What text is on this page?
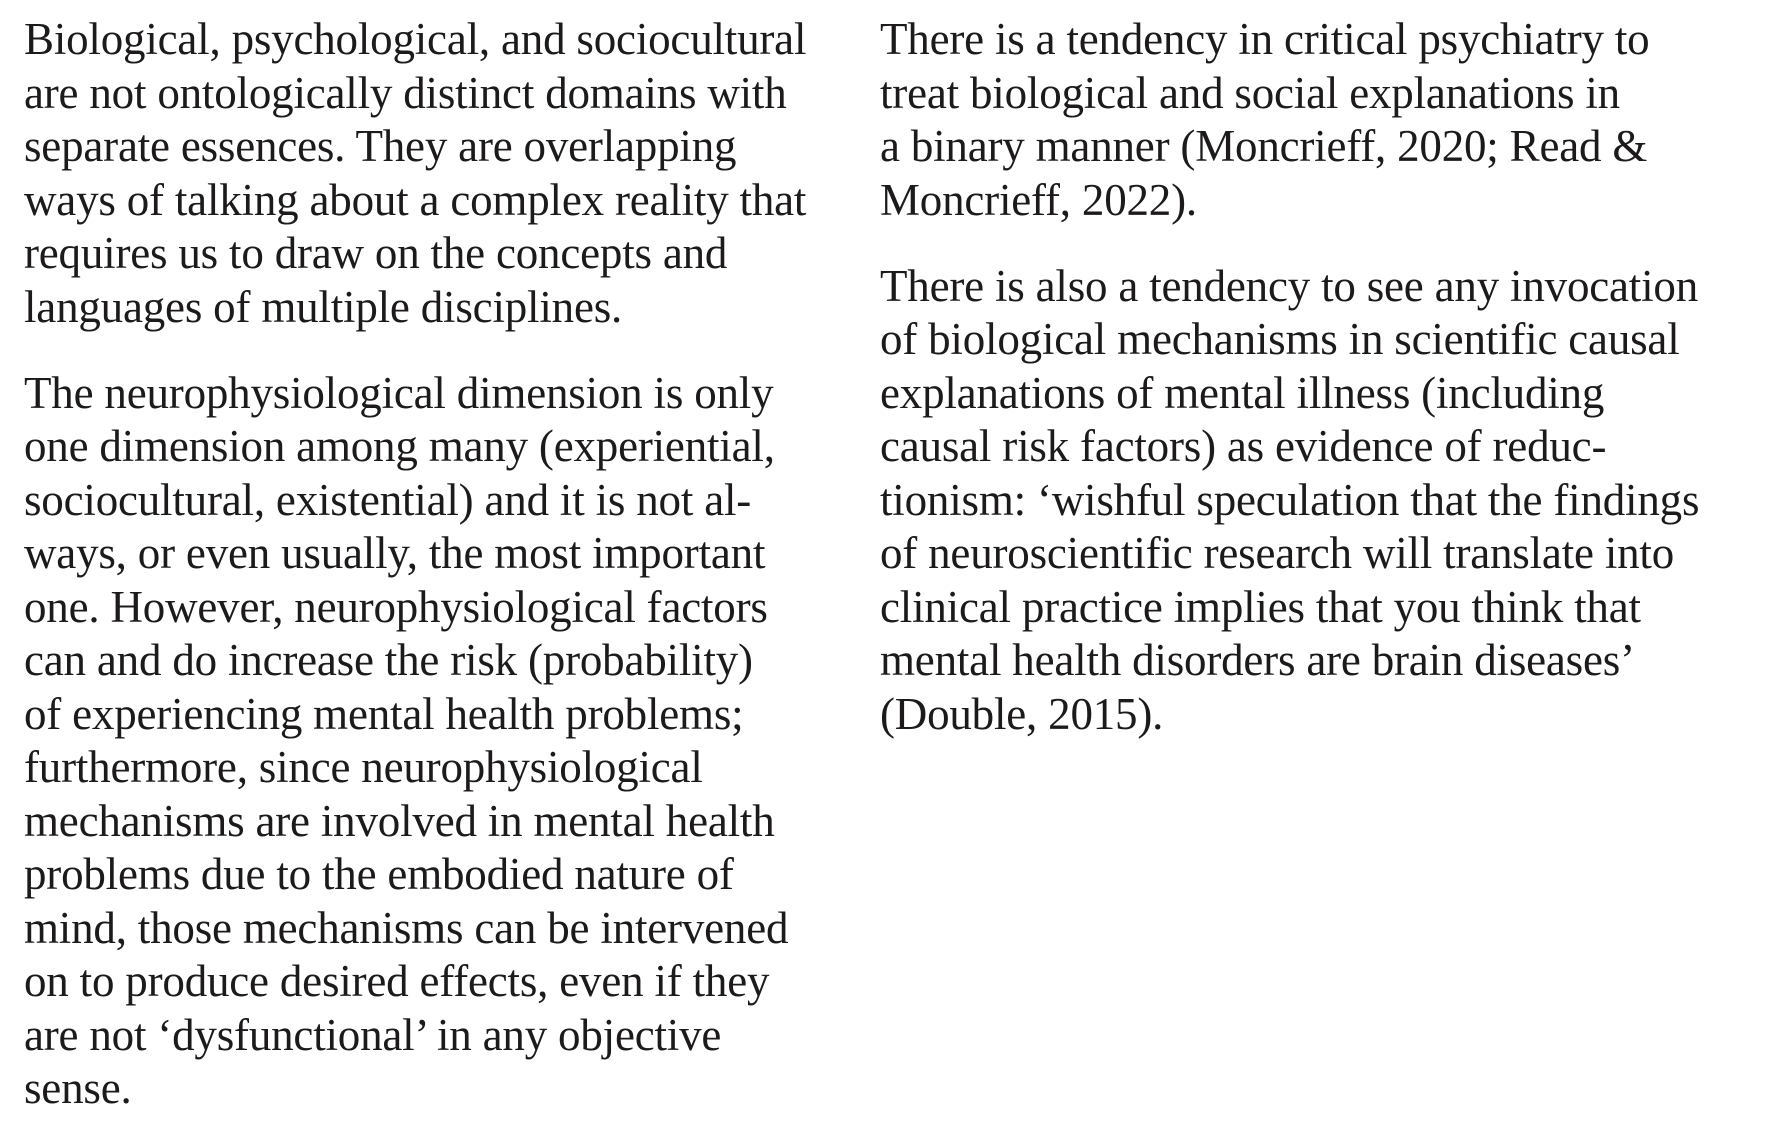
Biological, psychological, and sociocultural
are not ontologically distinct domains with
separate essences. They are overlapping
ways of talking about a complex reality that
requires us to draw on the concepts and
languages of multiple disciplines.

The neurophysiological dimension is only
one dimension among many (experiential,
sociocultural, existential) and it is not al-
ways, or even usually, the most important
one. However, neurophysiological factors
can and do increase the risk (probability)
of experiencing mental health problems;
furthermore, since neurophysiological
mechanisms are involved in mental health
problems due to the embodied nature of
mind, those mechanisms can be intervened
on to produce desired effects, even if they
are not ‘dysfunctional’ in any objective
sense.

There is a tendency in critical psychiatry to
treat biological and social explanations in
a binary manner (Moncrieff, 2020; Read &
Moncrieff, 2022).

There is also a tendency to see any invocation
of biological mechanisms in scientific causal
explanations of mental illness (including
causal risk factors) as evidence of reduc-
tionism: ‘wishful speculation that the findings
of neuroscientific research will translate into
clinical practice implies that you think that
mental health disorders are brain diseases’
(Double, 2015).
